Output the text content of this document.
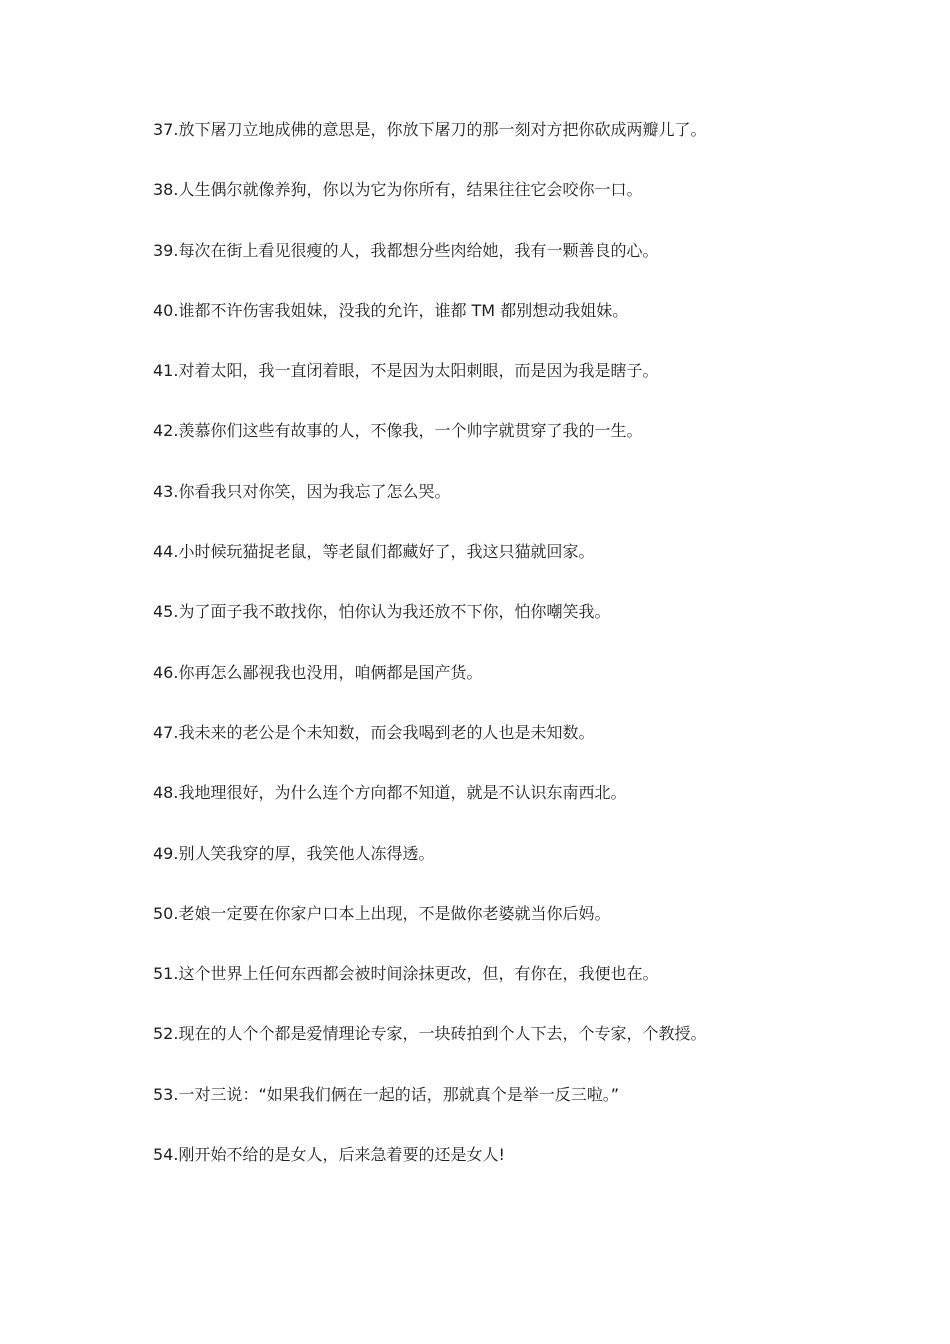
37.放下屠刀立地成佛的意思是，你放下屠刀的那一刻对方把你砍成两瓣儿了。
38.人生偶尔就像养狗，你以为它为你所有，结果往往它会咬你一口。
39.每次在街上看见很瘦的人，我都想分些肉给她，我有一颗善良的心。
40.谁都不许伤害我姐妹，没我的允许，谁都 TM 都别想动我姐妹。
41.对着太阳，我一直闭着眼，不是因为太阳刺眼，而是因为我是瞎子。
42.羡慕你们这些有故事的人，不像我，一个帅字就贯穿了我的一生。
43.你看我只对你笑，因为我忘了怎么哭。
44.小时候玩猫捉老鼠，等老鼠们都藏好了，我这只猫就回家。
45.为了面子我不敢找你，怕你认为我还放不下你，怕你嘲笑我。
46.你再怎么鄙视我也没用，咱俩都是国产货。
47.我未来的老公是个未知数，而会我喝到老的人也是未知数。
48.我地理很好，为什么连个方向都不知道，就是不认识东南西北。
49.别人笑我穿的厚，我笑他人冻得透。
50.老娘一定要在你家户口本上出现，不是做你老婆就当你后妈。
51.这个世界上任何东西都会被时间涂抹更改，但，有你在，我便也在。
52.现在的人个个都是爱情理论专家，一块砖拍到个人下去，个专家，个教授。
53.一对三说：“如果我们俩在一起的话，那就真个是举一反三啦。”
54.刚开始不给的是女人，后来急着要的还是女人!
